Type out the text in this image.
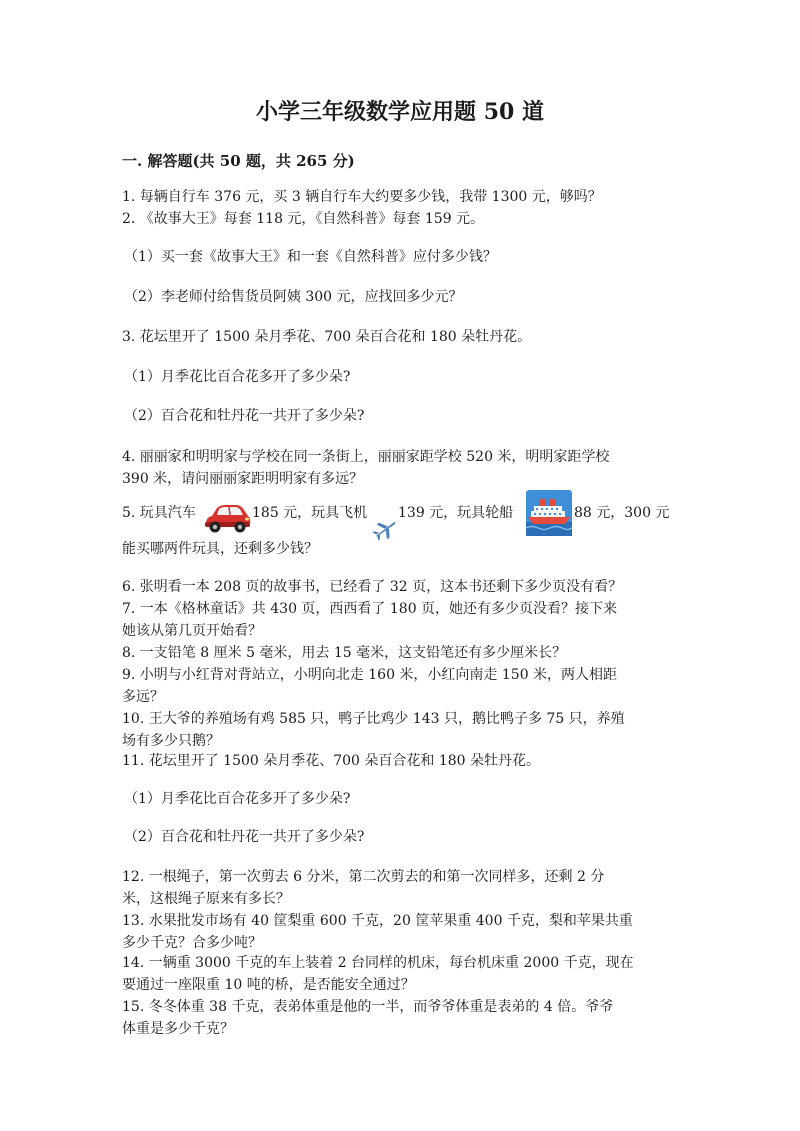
小学三年级数学应用题 50 道
一. 解答题(共 50 题，共 265 分)
1. 每辆自行车 376 元，买 3 辆自行车大约要多少钱，我带 1300 元，够吗？
2. 《故事大王》每套 118 元，《自然科普》每套 159 元。
（1）买一套《故事大王》和一套《自然科普》应付多少钱？
（2）李老师付给售货员阿姨 300 元，应找回多少元？
3. 花坛里开了 1500 朵月季花、700 朵百合花和 180 朵牡丹花。
（1）月季花比百合花多开了多少朵?
（2）百合花和牡丹花一共开了多少朵?
4. 丽丽家和明明家与学校在同一条街上，丽丽家距学校 520 米，明明家距学校
390 米，请问丽丽家距明明家有多远？
5. 玩具汽车	185 元，玩具飞机 139 元，玩具轮船	88 元，300 元
能买哪两件玩具，还剩多少钱？
6. 张明看一本 208 页的故事书，已经看了 32 页，这本书还剩下多少页没有看？
7. 一本《格林童话》共 430 页，西西看了 180 页，她还有多少页没看？接下来
她该从第几页开始看？
8. 一支铅笔 8 厘米 5 毫米，用去 15 毫米，这支铅笔还有多少厘米长？
9. 小明与小红背对背站立，小明向北走 160 米，小红向南走 150 米，两人相距
多远？
10. 王大爷的养殖场有鸡 585 只，鸭子比鸡少 143 只，鹅比鸭子多 75 只，养殖
场有多少只鹅？
11. 花坛里开了 1500 朵月季花、700 朵百合花和 180 朵牡丹花。
（1）月季花比百合花多开了多少朵?
（2）百合花和牡丹花一共开了多少朵?
12. 一根绳子，第一次剪去 6 分米，第二次剪去的和第一次同样多，还剩 2 分
米，这根绳子原来有多长？
13. 水果批发市场有 40 筐梨重 600 千克，20 筐苹果重 400 千克，梨和苹果共重
多少千克？合多少吨？
14. 一辆重 3000 千克的车上装着 2 台同样的机床，每台机床重 2000 千克，现在
要通过一座限重 10 吨的桥，是否能安全通过？
15. 冬冬体重 38 千克，表弟体重是他的一半，而爷爷体重是表弟的 4 倍。爷爷
体重是多少千克？
